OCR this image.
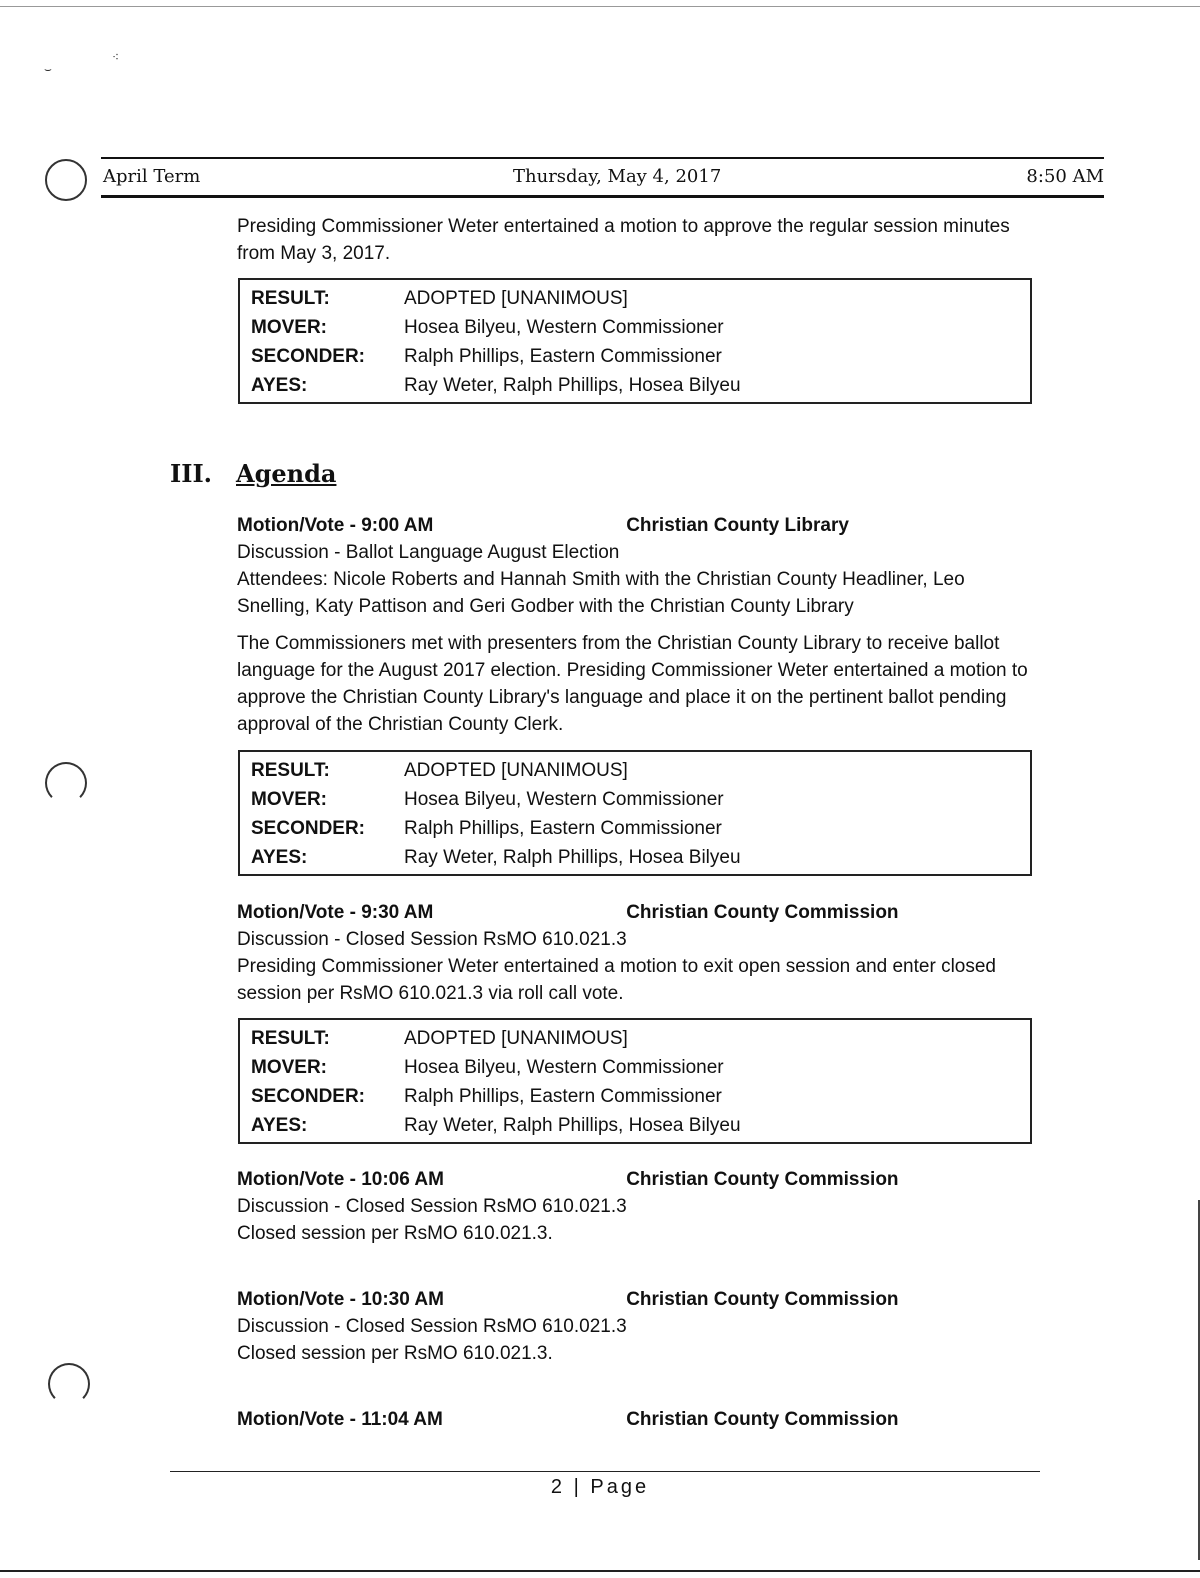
⌣
⁖
April Term	Thursday, May 4, 2017	8:50 AM

Presiding Commissioner Weter entertained a motion to approve the regular session minutes from May 3, 2017.

RESULT:	ADOPTED [UNANIMOUS]
MOVER:	Hosea Bilyeu, Western Commissioner
SECONDER:	Ralph Phillips, Eastern Commissioner
AYES:	Ray Weter, Ralph Phillips, Hosea Bilyeu
III. Agenda

Motion/Vote - 9:00 AM	Christian County Library

Discussion - Ballot Language August Election

Attendees: Nicole Roberts and Hannah Smith with the Christian County Headliner, Leo Snelling, Katy Pattison and Geri Godber with the Christian County Library

The Commissioners met with presenters from the Christian County Library to receive ballot language for the August 2017 election. Presiding Commissioner Weter entertained a motion to approve the Christian County Library's language and place it on the pertinent ballot pending approval of the Christian County Clerk.

RESULT:	ADOPTED [UNANIMOUS]
MOVER:	Hosea Bilyeu, Western Commissioner
SECONDER:	Ralph Phillips, Eastern Commissioner
AYES:	Ray Weter, Ralph Phillips, Hosea Bilyeu

Motion/Vote - 9:30 AM	Christian County Commission

Discussion - Closed Session RsMO 610.021.3

Presiding Commissioner Weter entertained a motion to exit open session and enter closed session per RsMO 610.021.3 via roll call vote.

RESULT:	ADOPTED [UNANIMOUS]
MOVER:	Hosea Bilyeu, Western Commissioner
SECONDER:	Ralph Phillips, Eastern Commissioner
AYES:	Ray Weter, Ralph Phillips, Hosea Bilyeu

Motion/Vote - 10:06 AM	Christian County Commission

Discussion - Closed Session RsMO 610.021.3

Closed session per RsMO 610.021.3.

Motion/Vote - 10:30 AM	Christian County Commission

Discussion - Closed Session RsMO 610.021.3

Closed session per RsMO 610.021.3.

Motion/Vote - 11:04 AM	Christian County Commission

2 | Page
